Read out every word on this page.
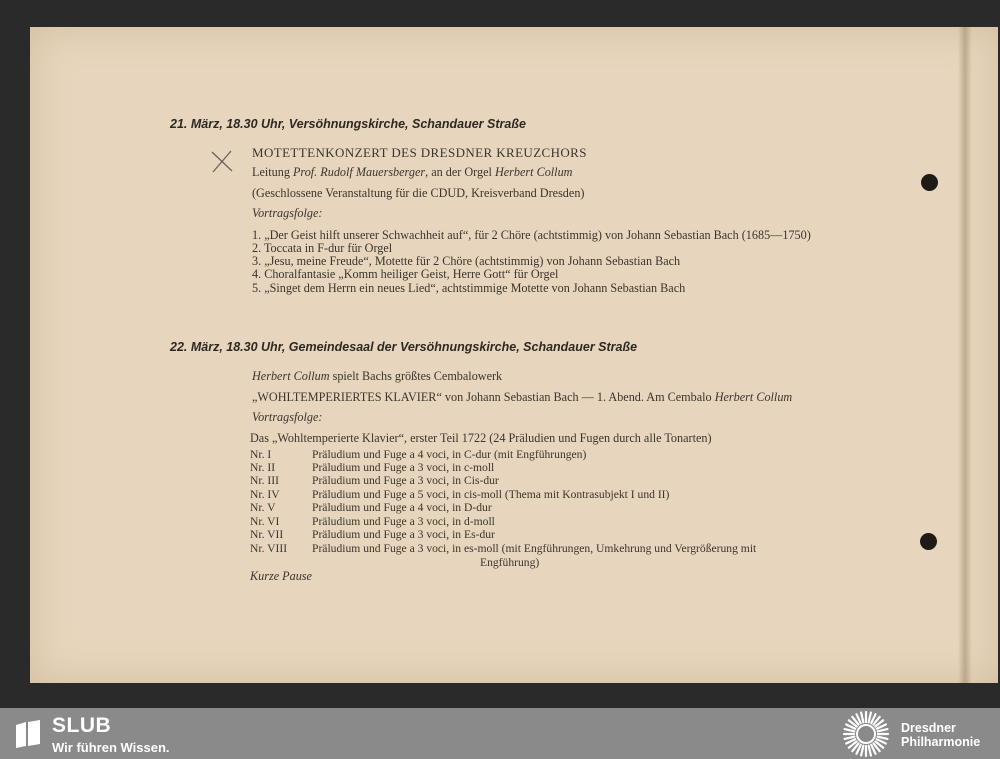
21. März, 18.30 Uhr, Versöhnungskirche, Schandauer Straße
MOTETTENKONZERT DES DRESDNER KREUZCHORS
Leitung Prof. Rudolf Mauersberger, an der Orgel Herbert Collum
(Geschlossene Veranstaltung für die CDUD, Kreisverband Dresden)
Vortragsfolge:
1. „Der Geist hilft unserer Schwachheit auf“, für 2 Chöre (achtstimmig) von Johann Sebastian Bach (1685—1750)
2. Toccata in F-dur für Orgel
3. „Jesu, meine Freude“, Motette für 2 Chöre (achtstimmig) von Johann Sebastian Bach
4. Choralfantasie „Komm heiliger Geist, Herre Gott“ für Orgel
5. „Singet dem Herrn ein neues Lied“, achtstimmige Motette von Johann Sebastian Bach
22. März, 18.30 Uhr, Gemeindesaal der Versöhnungskirche, Schandauer Straße
Herbert Collum spielt Bachs größtes Cembalowerk
„WOHLTEMPERIERTES KLAVIER“ von Johann Sebastian Bach — 1. Abend. Am Cembalo Herbert Collum
Vortragsfolge:
Das „Wohltemperierte Klavier“, erster Teil 1722 (24 Präludien und Fugen durch alle Tonarten)
Nr. I	Präludium und Fuge a 4 voci, in C-dur (mit Engführungen)
Nr. II	Präludium und Fuge a 3 voci, in c-moll
Nr. III	Präludium und Fuge a 3 voci, in Cis-dur
Nr. IV	Präludium und Fuge a 5 voci, in cis-moll (Thema mit Kontrasubjekt I und II)
Nr. V	Präludium und Fuge a 4 voci, in D-dur
Nr. VI	Präludium und Fuge a 3 voci, in d-moll
Nr. VII Präludium und Fuge a 3 voci, in Es-dur
Nr. VIII Präludium und Fuge a 3 voci, in es-moll (mit Engführungen, Umkehrung und Vergrößerung mit
Engführung)
Kurze Pause
SLUB
Wir führen Wissen.
Dresdner
Philharmonie
